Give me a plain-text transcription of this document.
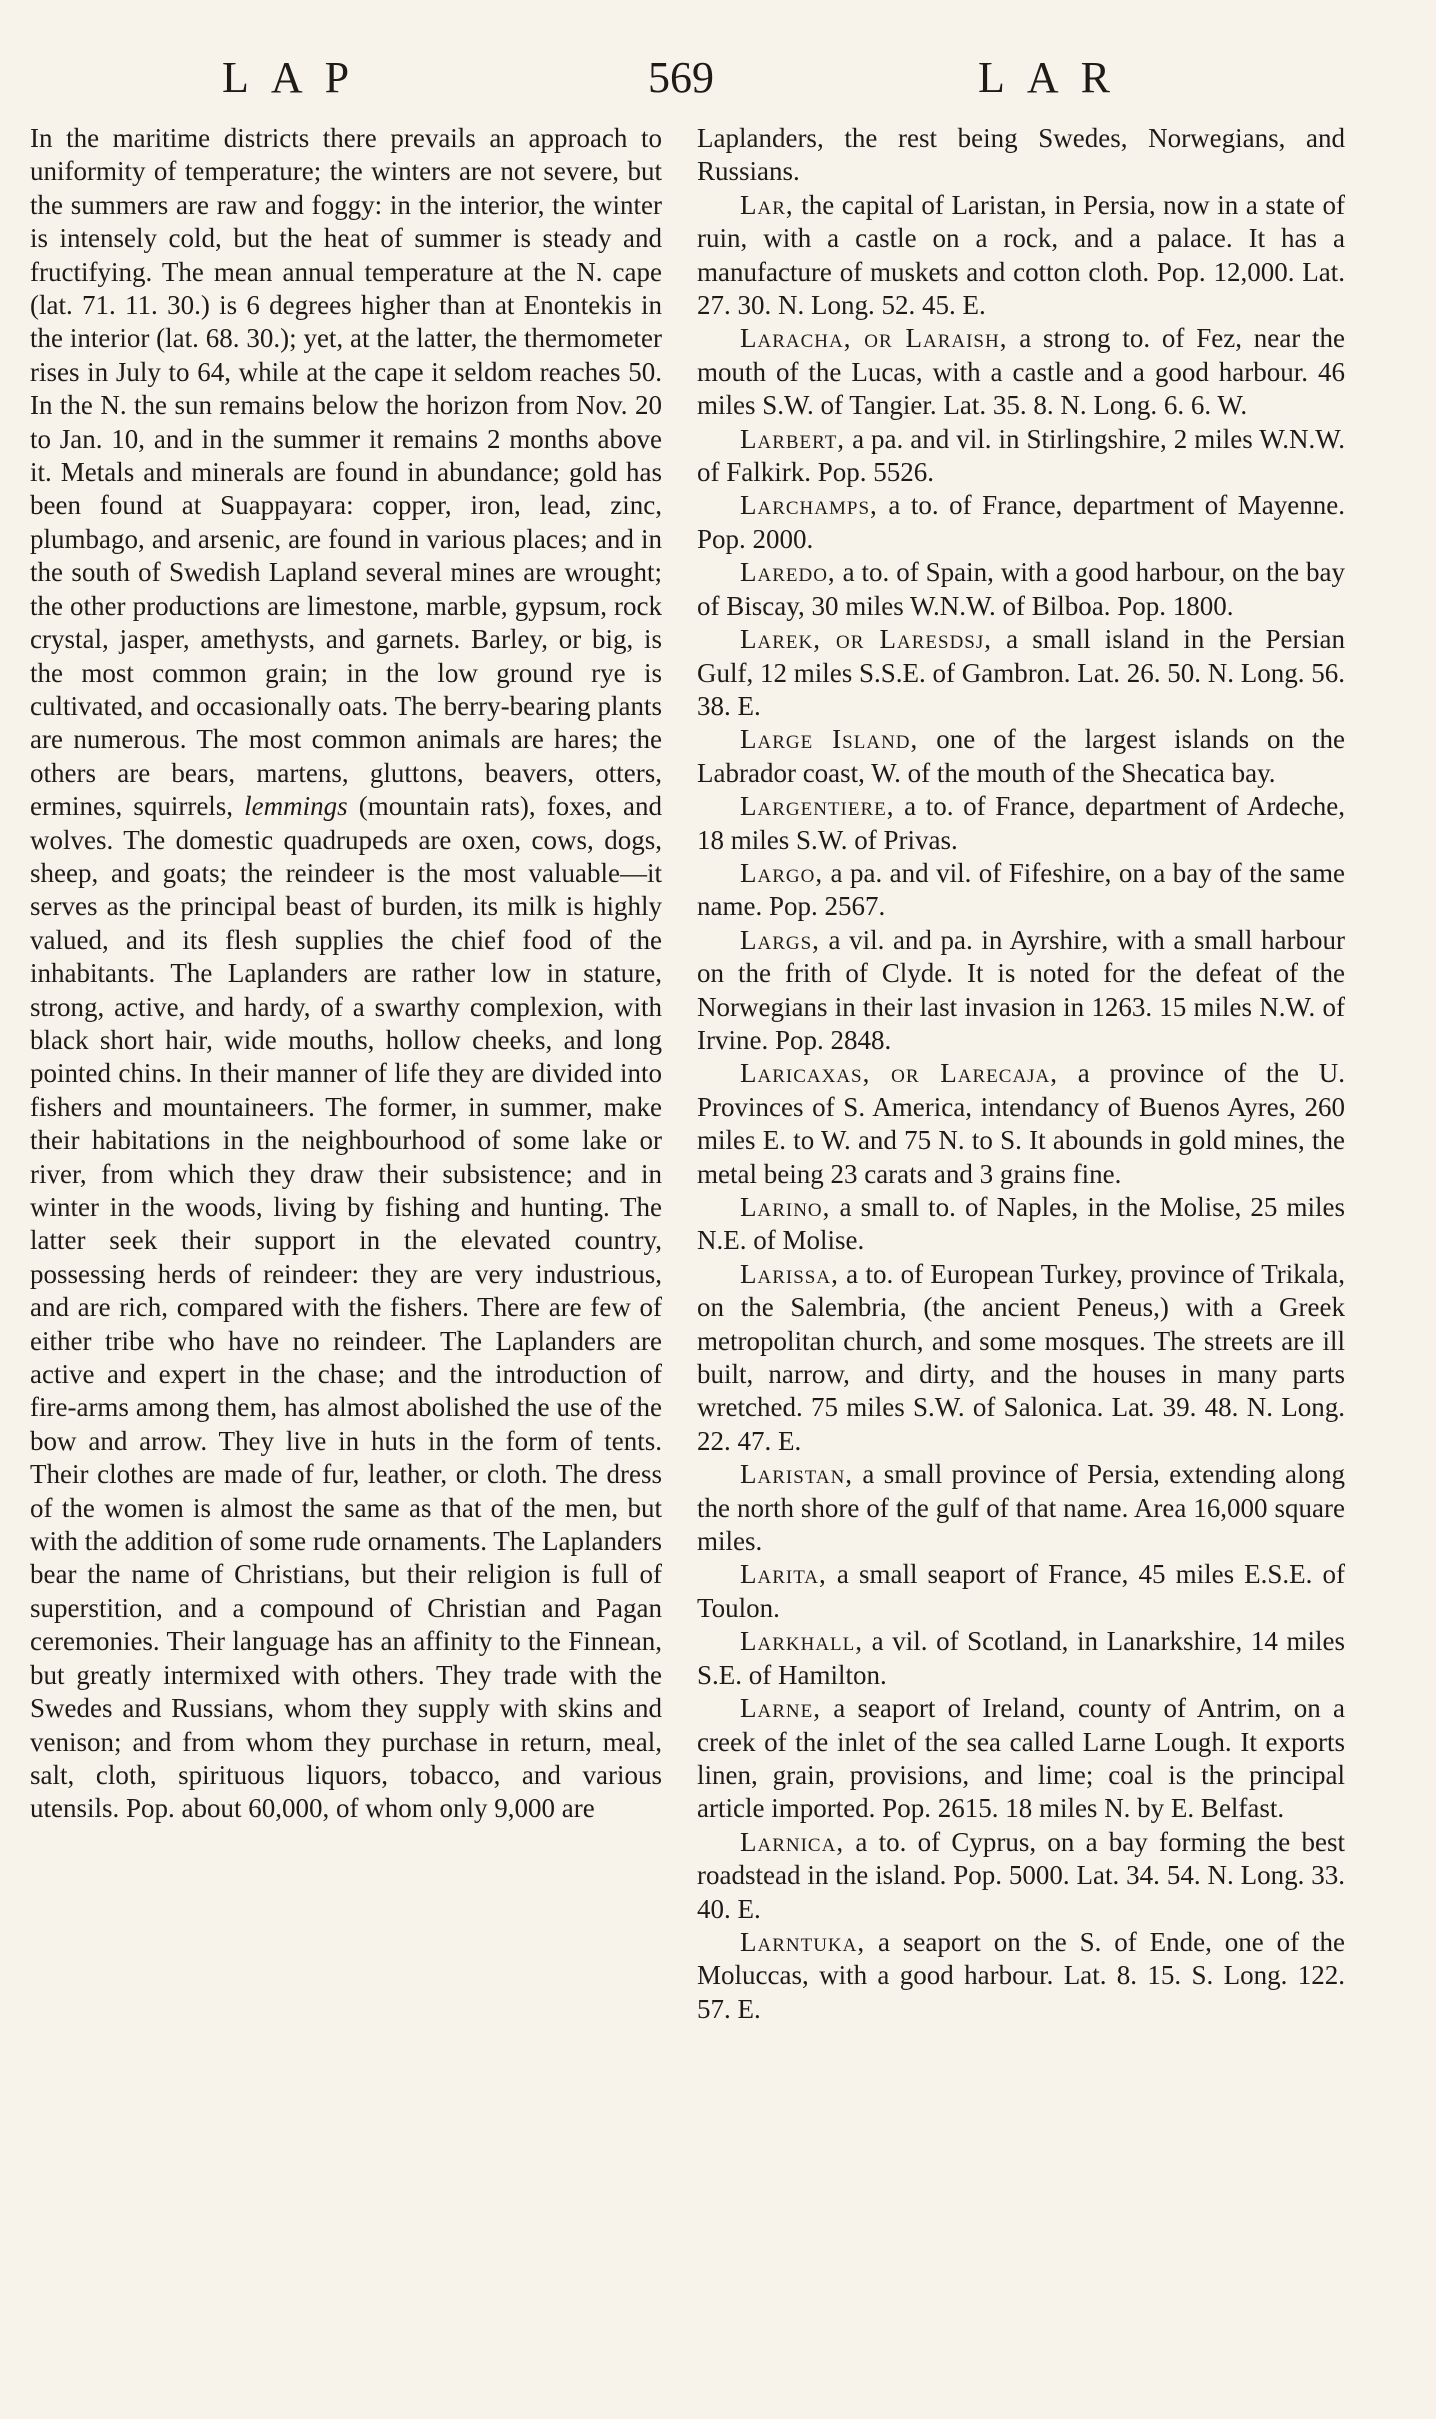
LAP	569	LAR

In the maritime districts there prevails an approach to uniformity of temperature; the winters are not severe, but the summers are raw and foggy: in the interior, the winter is intensely cold, but the heat of summer is steady and fructifying. The mean annual temperature at the N. cape (lat. 71. 11. 30.) is 6 degrees higher than at Enontekis in the interior (lat. 68. 30.); yet, at the latter, the thermometer rises in July to 64, while at the cape it seldom reaches 50. In the N. the sun remains below the horizon from Nov. 20 to Jan. 10, and in the summer it remains 2 months above it. Metals and minerals are found in abundance; gold has been found at Suappayara: copper, iron, lead, zinc, plumbago, and arsenic, are found in various places; and in the south of Swedish Lapland several mines are wrought; the other productions are limestone, marble, gypsum, rock crystal, jasper, amethysts, and garnets. Barley, or big, is the most common grain; in the low ground rye is cultivated, and occasionally oats. The berry-bearing plants are numerous. The most common animals are hares; the others are bears, martens, gluttons, beavers, otters, ermines, squirrels, lemmings (mountain rats), foxes, and wolves. The domestic quadrupeds are oxen, cows, dogs, sheep, and goats; the reindeer is the most valuable—it serves as the principal beast of burden, its milk is highly valued, and its flesh supplies the chief food of the inhabitants. The Laplanders are rather low in stature, strong, active, and hardy, of a swarthy complexion, with black short hair, wide mouths, hollow cheeks, and long pointed chins. In their manner of life they are divided into fishers and mountaineers. The former, in summer, make their habitations in the neighbourhood of some lake or river, from which they draw their subsistence; and in winter in the woods, living by fishing and hunting. The latter seek their support in the elevated country, possessing herds of reindeer: they are very industrious, and are rich, compared with the fishers. There are few of either tribe who have no reindeer. The Laplanders are active and expert in the chase; and the introduction of fire-arms among them, has almost abolished the use of the bow and arrow. They live in huts in the form of tents. Their clothes are made of fur, leather, or cloth. The dress of the women is almost the same as that of the men, but with the addition of some rude ornaments. The Laplanders bear the name of Christians, but their religion is full of superstition, and a compound of Christian and Pagan ceremonies. Their language has an affinity to the Finnean, but greatly intermixed with others. They trade with the Swedes and Russians, whom they supply with skins and venison; and from whom they purchase in return, meal, salt, cloth, spirituous liquors, tobacco, and various utensils. Pop. about 60,000, of whom only 9,000 are

Laplanders, the rest being Swedes, Norwegians, and Russians.

Lar, the capital of Laristan, in Persia, now in a state of ruin, with a castle on a rock, and a palace. It has a manufacture of muskets and cotton cloth. Pop. 12,000. Lat. 27. 30. N. Long. 52. 45. E.

Laracha, or Laraish, a strong to. of Fez, near the mouth of the Lucas, with a castle and a good harbour. 46 miles S.W. of Tangier. Lat. 35. 8. N. Long. 6. 6. W.

Larbert, a pa. and vil. in Stirlingshire, 2 miles W.N.W. of Falkirk. Pop. 5526.

Larchamps, a to. of France, department of Mayenne. Pop. 2000.

Laredo, a to. of Spain, with a good harbour, on the bay of Biscay, 30 miles W.N.W. of Bilboa. Pop. 1800.

Larek, or Laresdsj, a small island in the Persian Gulf, 12 miles S.S.E. of Gambron. Lat. 26. 50. N. Long. 56. 38. E.

Large Island, one of the largest islands on the Labrador coast, W. of the mouth of the Shecatica bay.

Largentiere, a to. of France, department of Ardeche, 18 miles S.W. of Privas.

Largo, a pa. and vil. of Fifeshire, on a bay of the same name. Pop. 2567.

Largs, a vil. and pa. in Ayrshire, with a small harbour on the frith of Clyde. It is noted for the defeat of the Norwegians in their last invasion in 1263. 15 miles N.W. of Irvine. Pop. 2848.

Laricaxas, or Larecaja, a province of the U. Provinces of S. America, intendancy of Buenos Ayres, 260 miles E. to W. and 75 N. to S. It abounds in gold mines, the metal being 23 carats and 3 grains fine.

Larino, a small to. of Naples, in the Molise, 25 miles N.E. of Molise.

Larissa, a to. of European Turkey, province of Trikala, on the Salembria, (the ancient Peneus,) with a Greek metropolitan church, and some mosques. The streets are ill built, narrow, and dirty, and the houses in many parts wretched. 75 miles S.W. of Salonica. Lat. 39. 48. N. Long. 22. 47. E.

Laristan, a small province of Persia, extending along the north shore of the gulf of that name. Area 16,000 square miles.

Larita, a small seaport of France, 45 miles E.S.E. of Toulon.

Larkhall, a vil. of Scotland, in Lanarkshire, 14 miles S.E. of Hamilton.

Larne, a seaport of Ireland, county of Antrim, on a creek of the inlet of the sea called Larne Lough. It exports linen, grain, provisions, and lime; coal is the principal article imported. Pop. 2615. 18 miles N. by E. Belfast.

Larnica, a to. of Cyprus, on a bay forming the best roadstead in the island. Pop. 5000. Lat. 34. 54. N. Long. 33. 40. E.

Larntuka, a seaport on the S. of Ende, one of the Moluccas, with a good harbour. Lat. 8. 15. S. Long. 122. 57. E.
